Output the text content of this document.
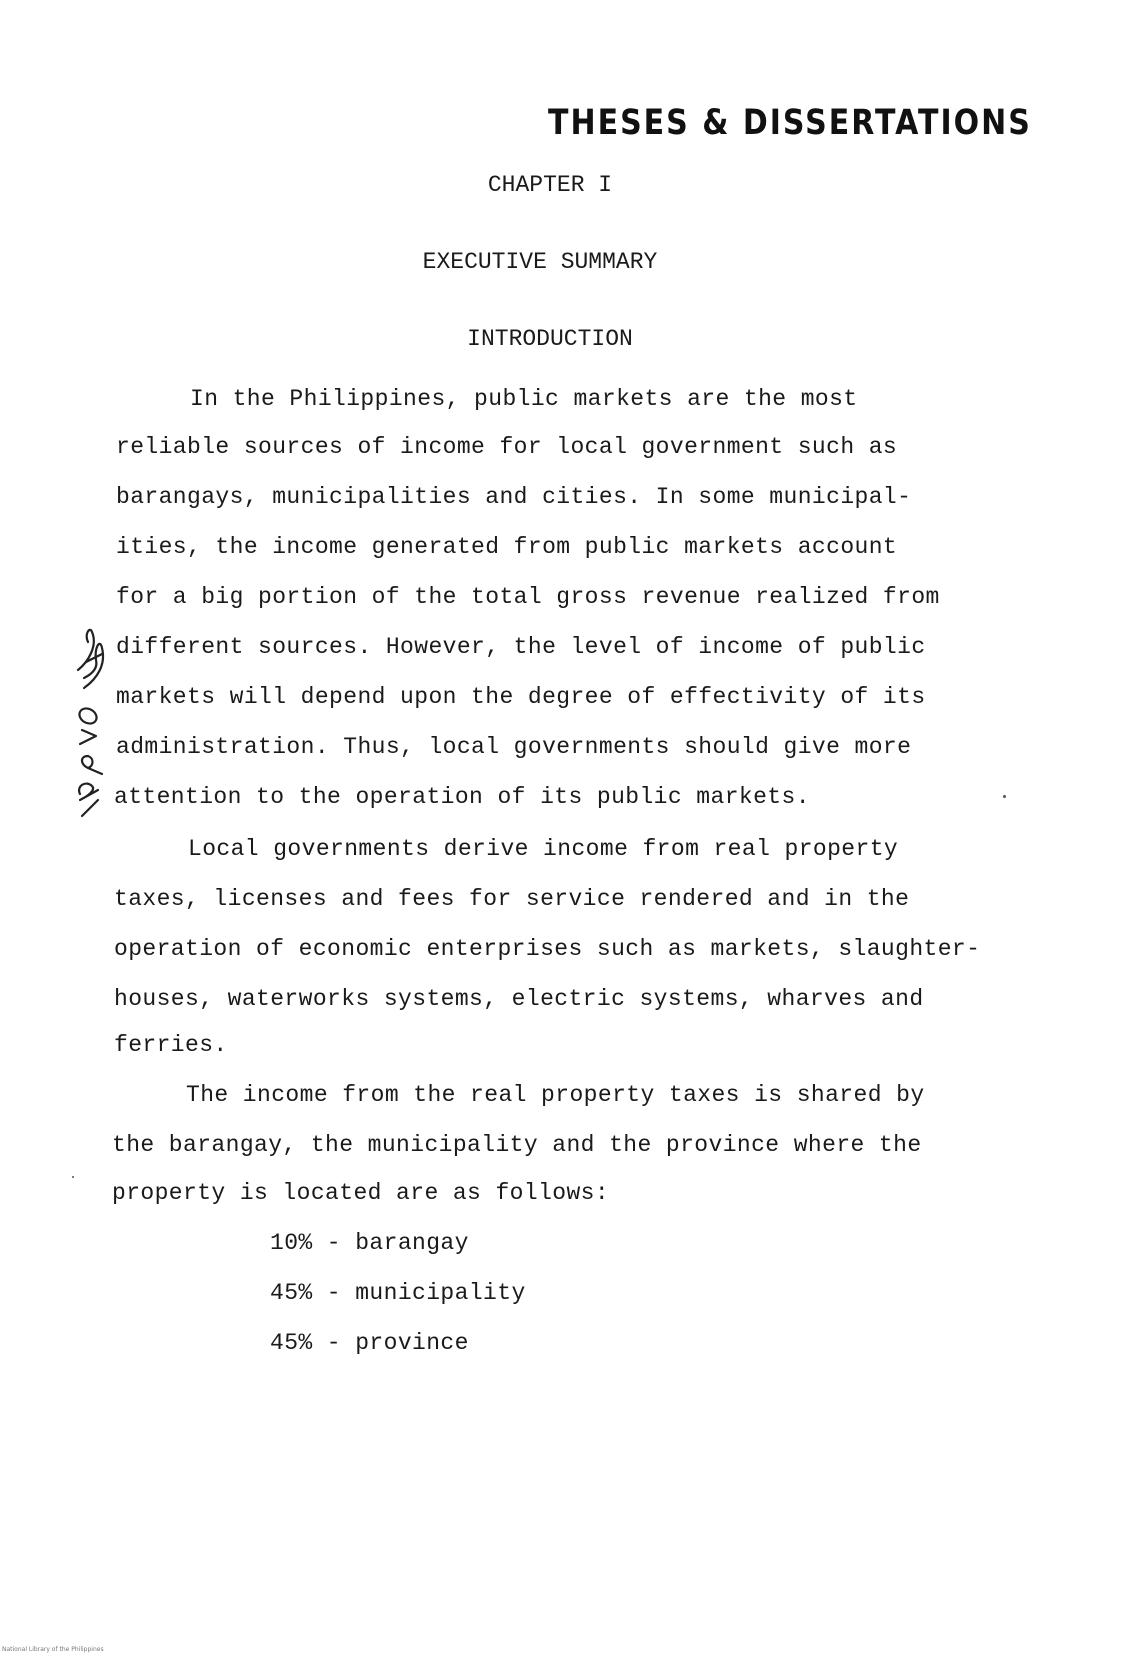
THESES & DISSERTATIONS
CHAPTER I
EXECUTIVE SUMMARY
INTRODUCTION
In the Philippines, public markets are the most
reliable sources of income for local government such as
barangays, municipalities and cities. In some municipal-
ities, the income generated from public markets account
for a big portion of the total gross revenue realized from
different sources. However, the level of income of public
markets will depend upon the degree of effectivity of its
administration. Thus, local governments should give more
attention to the operation of its public markets.
Local governments derive income from real property
taxes, licenses and fees for service rendered and in the
operation of economic enterprises such as markets, slaughter-
houses, waterworks systems, electric systems, wharves and
ferries.
The income from the real property taxes is shared by
the barangay, the municipality and the province where the
property is located are as follows:
10% - barangay
45% - municipality
45% - province
National Library of the Philippines
